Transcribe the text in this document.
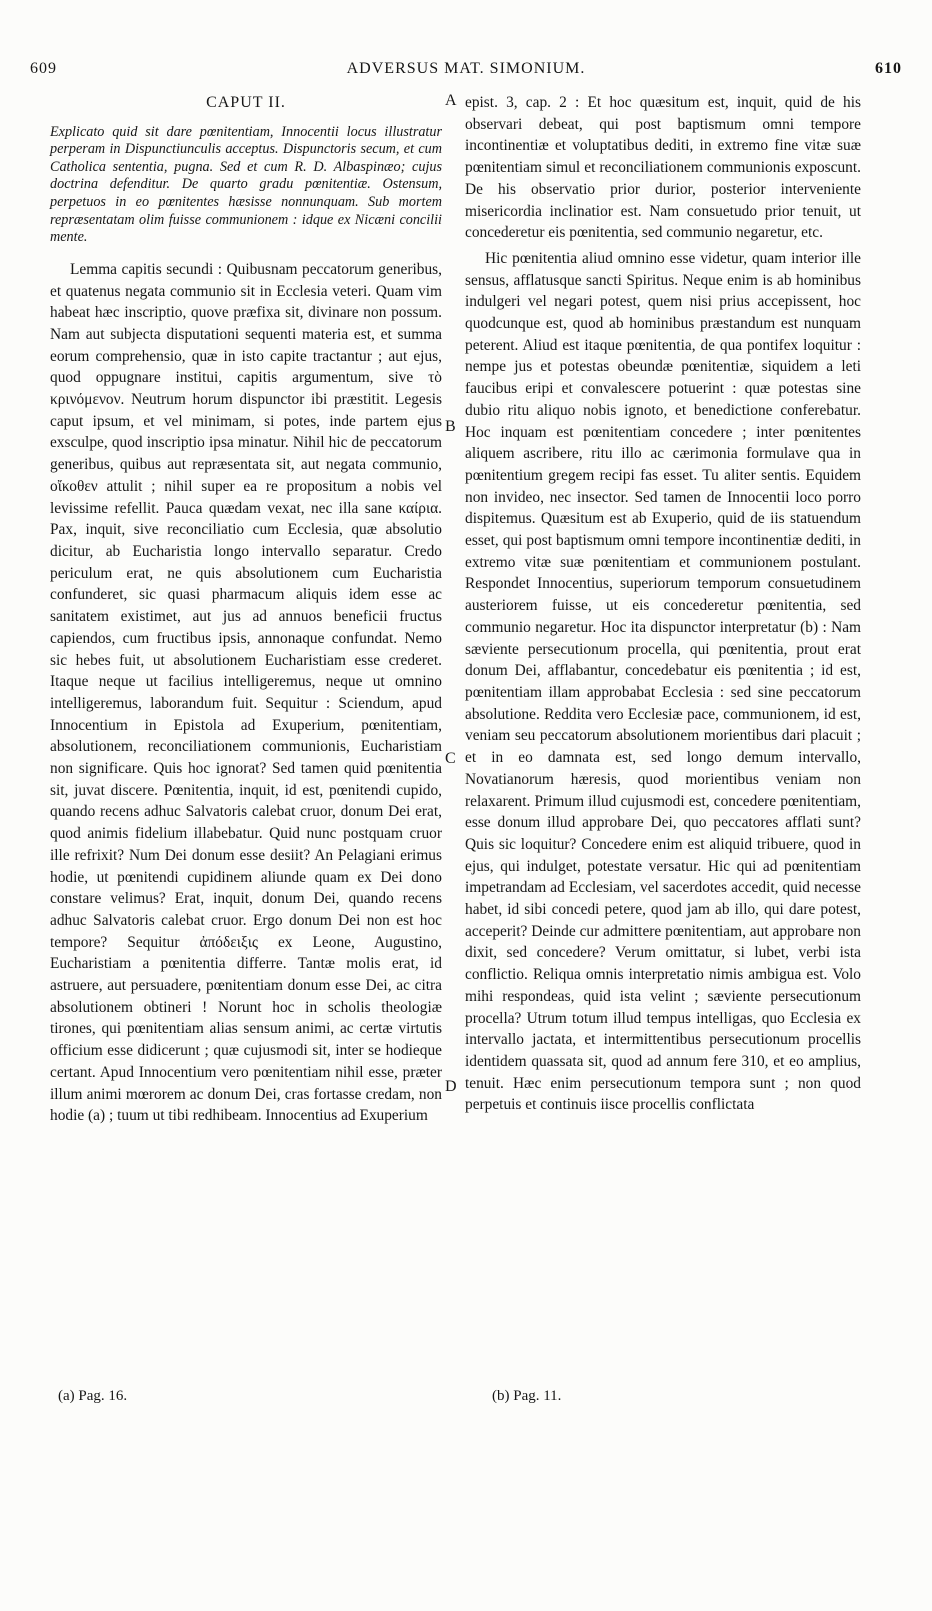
609	ADVERSUS MAT. SIMONIUM.	610
CAPUT II.

Explicato quid sit dare pœnitentiam, Innocentii locus illustratur perperam in Dispunctiunculis acceptus. Dispunctoris secum, et cum Catholica sententia, pugna. Sed et cum R. D. Albaspinæo; cujus doctrina defenditur. De quarto gradu pœnitentiæ. Ostensum, perpetuos in eo pœnitentes hæsisse nonnunquam. Sub mortem repræsentatam olim fuisse communionem : idque ex Nicæni concilii mente.

Lemma capitis secundi : Quibusnam peccatorum generibus, et quatenus negata communio sit in Ecclesia veteri. Quam vim habeat hæc inscriptio, quove præfixa sit, divinare non possum. Nam aut subjecta disputationi sequenti materia est, et summa eorum comprehensio, quæ in isto capite tractantur ; aut ejus, quod oppugnare institui, capitis argumentum, sive τὸ κρινόμενον. Neutrum horum dispunctor ibi præstitit. Legesis caput ipsum, et vel minimam, si potes, inde partem ejus exsculpe, quod inscriptio ipsa minatur. Nihil hic de peccatorum generibus, quibus aut repræsentata sit, aut negata communio, οἴκοθεν attulit ; nihil super ea re propositum a nobis vel levissime refellit. Pauca quædam vexat, nec illa sane καίρια. Pax, inquit, sive reconciliatio cum Ecclesia, quæ absolutio dicitur, ab Eucharistia longo intervallo separatur. Credo periculum erat, ne quis absolutionem cum Eucharistia confunderet, sic quasi pharmacum aliquis idem esse ac sanitatem existimet, aut jus ad annuos beneficii fructus capiendos, cum fructibus ipsis, annonaque confundat. Nemo sic hebes fuit, ut absolutionem Eucharistiam esse crederet. Itaque neque ut facilius intelligeremus, neque ut omnino intelligeremus, laborandum fuit. Sequitur : Sciendum, apud Innocentium in Epistola ad Exuperium, pœnitentiam, absolutionem, reconciliationem communionis, Eucharistiam non significare. Quis hoc ignorat? Sed tamen quid pœnitentia sit, juvat discere. Pœnitentia, inquit, id est, pœnitendi cupido, quando recens adhuc Salvatoris calebat cruor, donum Dei erat, quod animis fidelium illabebatur. Quid nunc postquam cruor ille refrixit? Num Dei donum esse desiit? An Pelagiani erimus hodie, ut pœnitendi cupidinem aliunde quam ex Dei dono constare velimus? Erat, inquit, donum Dei, quando recens adhuc Salvatoris calebat cruor. Ergo donum Dei non est hoc tempore? Sequitur ἀπόδειξις ex Leone, Augustino, Eucharistiam a pœnitentia differre. Tantæ molis erat, id astruere, aut persuadere, pœnitentiam donum esse Dei, ac citra absolutionem obtineri ! Norunt hoc in scholis theologiæ tirones, qui pœnitentiam alias sensum animi, ac certæ virtutis officium esse didicerunt ; quæ cujusmodi sit, inter se hodieque certant. Apud Innocentium vero pœnitentiam nihil esse, præter illum animi mœrorem ac donum Dei, cras fortasse credam, non hodie (a) ; tuum ut tibi redhibeam. Innocentius ad Exuperium

epist. 3, cap. 2 : Et hoc quæsitum est, inquit, quid de his observari debeat, qui post baptismum omni tempore incontinentiæ et voluptatibus dediti, in extremo fine vitæ suæ pœnitentiam simul et reconciliationem communionis exposcunt. De his observatio prior durior, posterior interveniente misericordia inclinatior est. Nam consuetudo prior tenuit, ut concederetur eis pœnitentia, sed communio negaretur, etc.

Hic pœnitentia aliud omnino esse videtur, quam interior ille sensus, afflatusque sancti Spiritus. Neque enim is ab hominibus indulgeri vel negari potest, quem nisi prius accepissent, hoc quodcunque est, quod ab hominibus præstandum est nunquam peterent. Aliud est itaque pœnitentia, de qua pontifex loquitur : nempe jus et potestas obeundæ pœnitentiæ, siquidem a leti faucibus eripi et convalescere potuerint : quæ potestas sine dubio ritu aliquo nobis ignoto, et benedictione conferebatur. Hoc inquam est pœnitentiam concedere ; inter pœnitentes aliquem ascribere, ritu illo ac cærimonia formulave qua in pœnitentium gregem recipi fas esset. Tu aliter sentis. Equidem non invideo, nec insector. Sed tamen de Innocentii loco porro dispitemus. Quæsitum est ab Exuperio, quid de iis statuendum esset, qui post baptismum omni tempore incontinentiæ dediti, in extremo vitæ suæ pœnitentiam et communionem postulant. Respondet Innocentius, superiorum temporum consuetudinem austeriorem fuisse, ut eis concederetur pœnitentia, sed communio negaretur. Hoc ita dispunctor interpretatur (b) : Nam sæviente persecutionum procella, qui pœnitentia, prout erat donum Dei, afflabantur, concedebatur eis pœnitentia ; id est, pœnitentiam illam approbabat Ecclesia : sed sine peccatorum absolutione. Reddita vero Ecclesiæ pace, communionem, id est, veniam seu peccatorum absolutionem morientibus dari placuit ; et in eo damnata est, sed longo demum intervallo, Novatianorum hæresis, quod morientibus veniam non relaxarent. Primum illud cujusmodi est, concedere pœnitentiam, esse donum illud approbare Dei, quo peccatores afflati sunt? Quis sic loquitur? Concedere enim est aliquid tribuere, quod in ejus, qui indulget, potestate versatur. Hic qui ad pœnitentiam impetrandam ad Ecclesiam, vel sacerdotes accedit, quid necesse habet, id sibi concedi petere, quod jam ab illo, qui dare potest, acceperit? Deinde cur admittere pœnitentiam, aut approbare non dixit, sed concedere? Verum omittatur, si lubet, verbi ista conflictio. Reliqua omnis interpretatio nimis ambigua est. Volo mihi respondeas, quid ista velint ; sæviente persecutionum procella? Utrum totum illud tempus intelligas, quo Ecclesia ex intervallo jactata, et intermittentibus persecutionum procellis identidem quassata sit, quod ad annum fere 310, et eo amplius, tenuit. Hæc enim persecutionum tempora sunt ; non quod perpetuis et continuis iisce procellis conflictata

A
B
C
D
(a) Pag. 16.	(b) Pag. 11.
